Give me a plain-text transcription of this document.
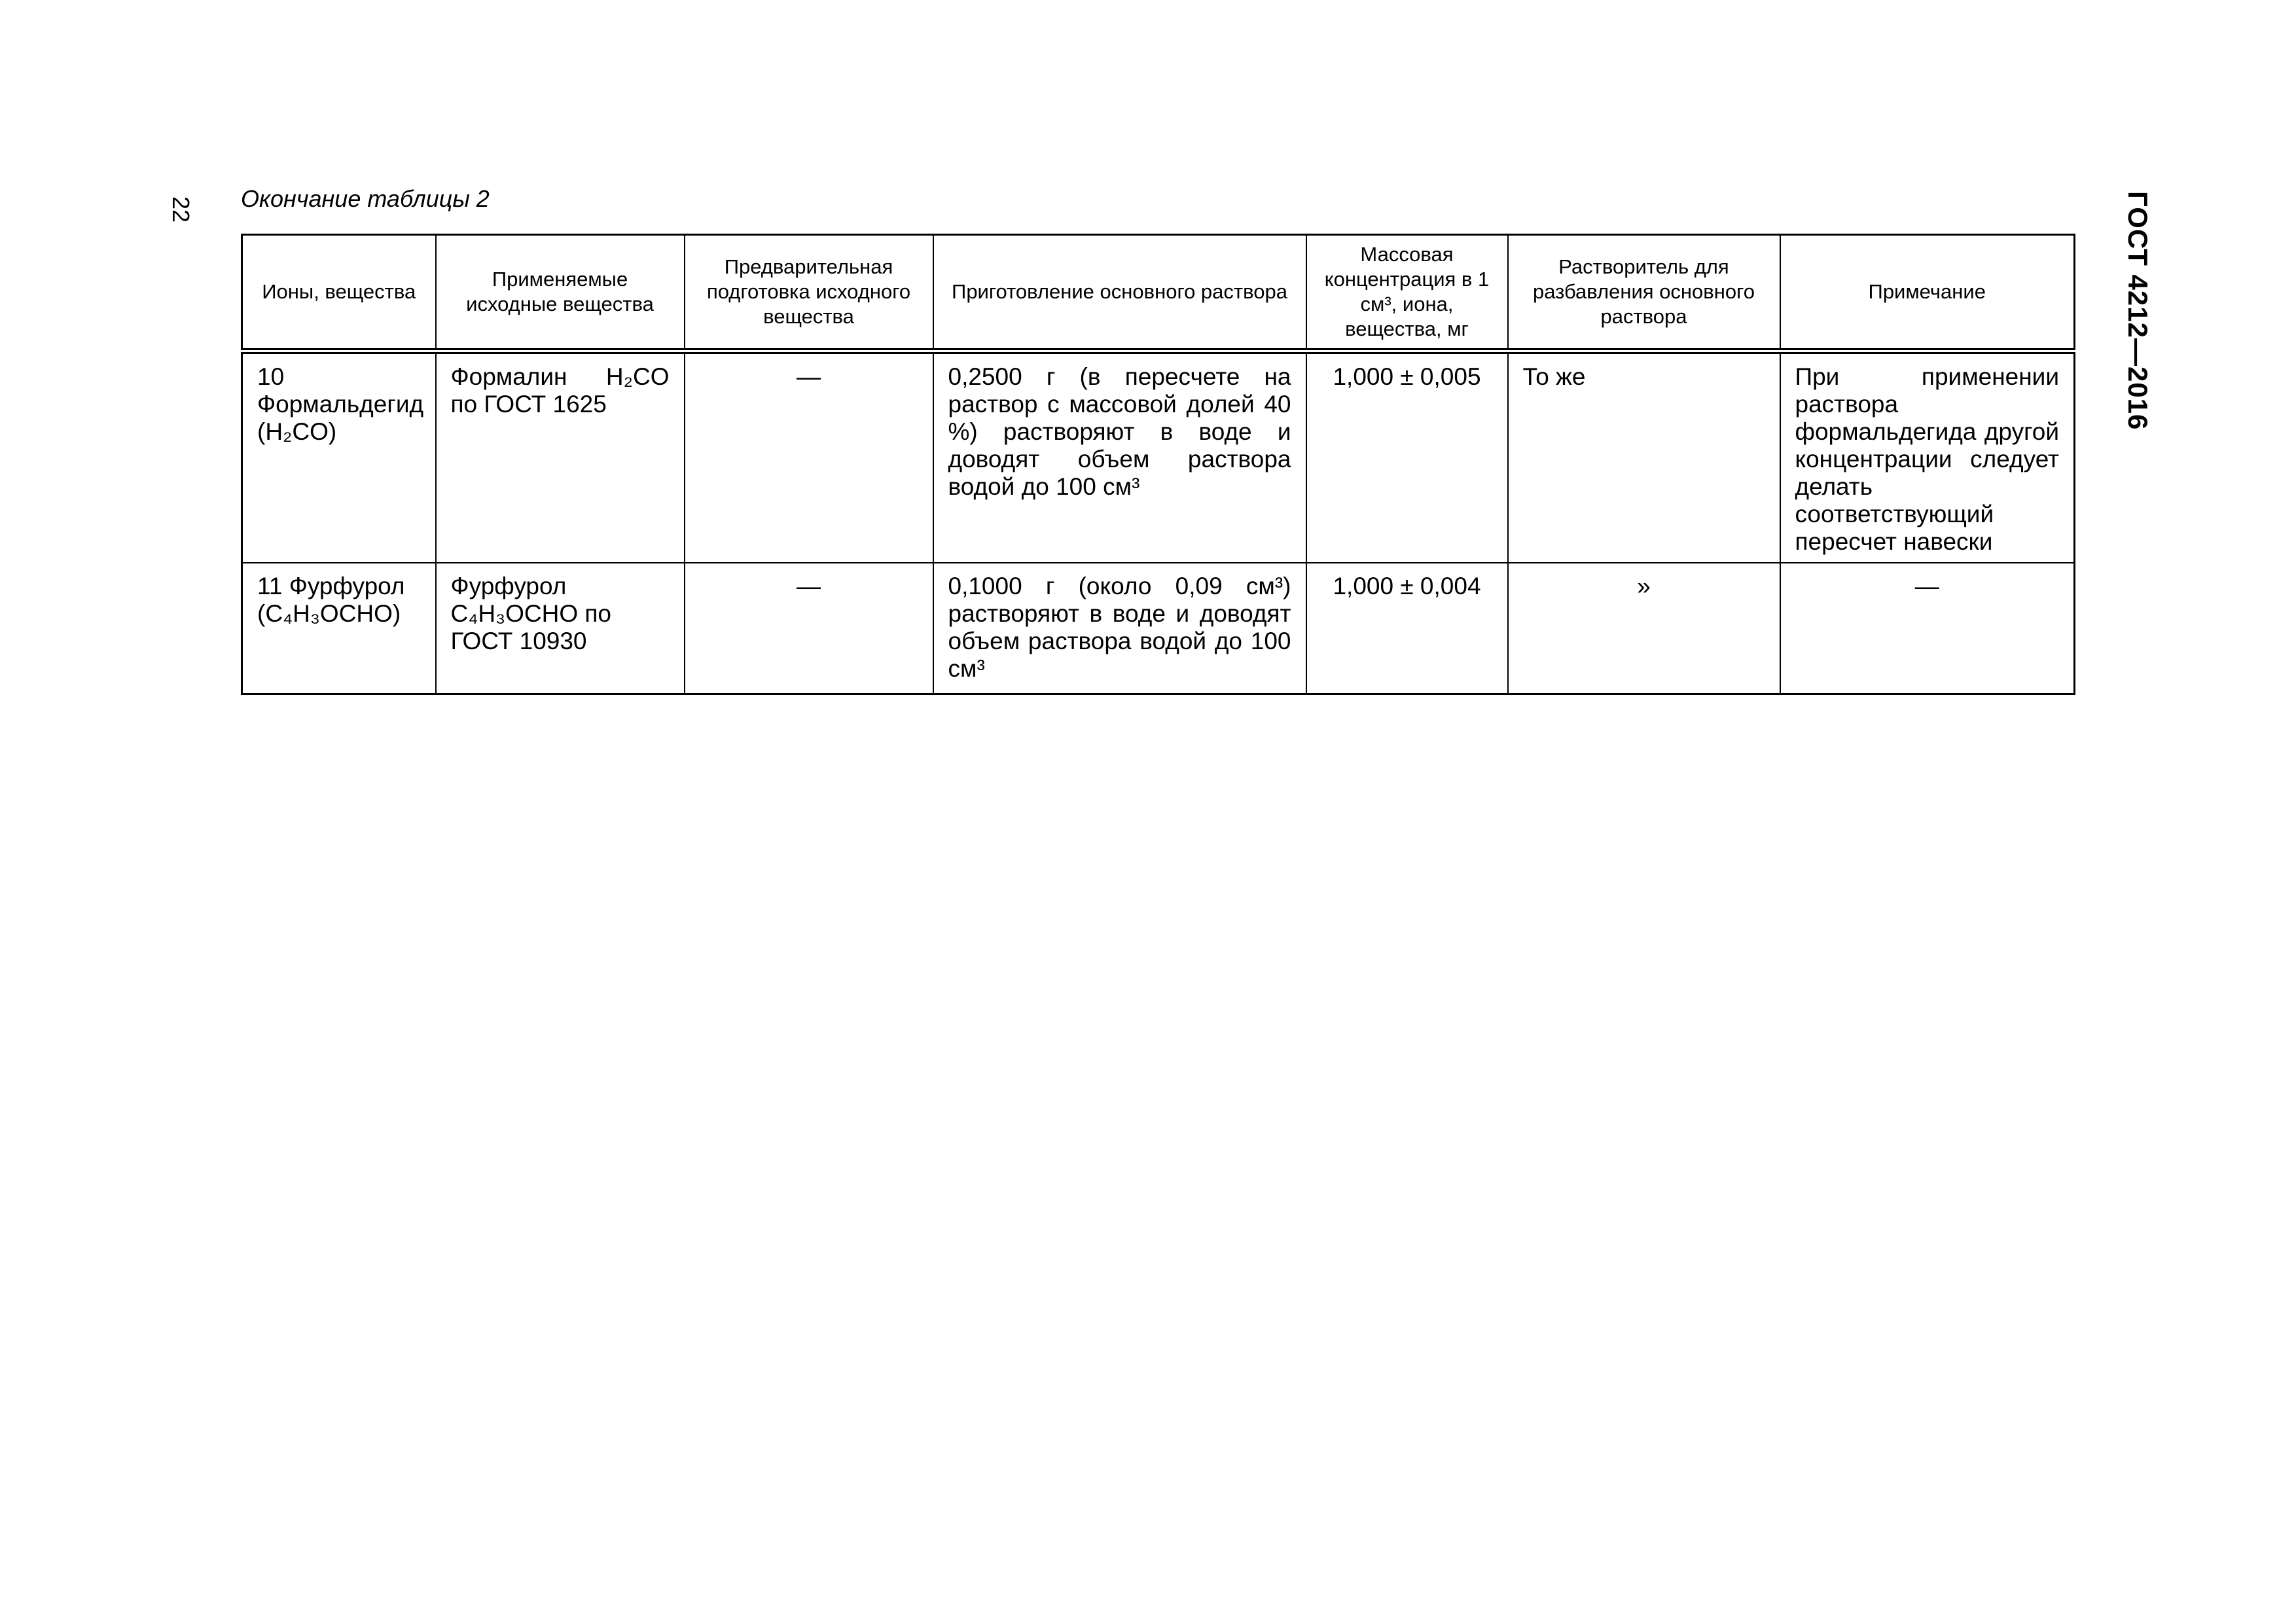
22 Окончание таблицы 2	ГОСТ 4212—2016
Ионы, вещества	Применяемые исходные вещества	Предварительная подготовка исходного вещества	Приготовление основного раствора	Массовая концентрация в 1 см³, иона, вещества, мг	Растворитель для разбавления основного раствора	Примечание
10 Формальдегид (H₂CO)	Формалин H₂CO по ГОСТ 1625	—	0,2500 г (в пересчете на раствор с массовой долей 40 %) растворяют в воде и доводят объем раствора водой до 100 см³	1,000 ± 0,005	То же	При применении раствора формальдегида другой концентрации следует делать соответствующий пересчет навески
11 Фурфурол (C₄H₃OCHO)	Фурфурол C₄H₃OCHO по ГОСТ 10930	—	0,1000 г (около 0,09 см³) растворяют в воде и доводят объем раствора водой до 100 см³	1,000 ± 0,004	»	—
